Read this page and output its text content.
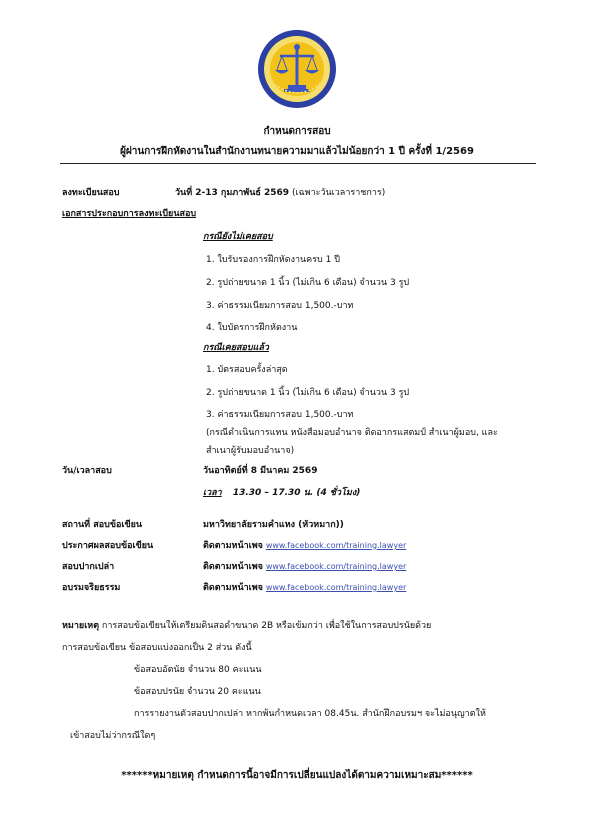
กำหนดการสอบ
ผู้ผ่านการฝึกหัดงานในสำนักงานทนายความมาแล้วไม่น้อยกว่า 1 ปี ครั้งที่ 1/2569
ลงทะเบียนสอบ	วันที่ 2-13 กุมภาพันธ์ 2569 (เฉพาะวันเวลาราชการ)
เอกสารประกอบการลงทะเบียนสอบ
กรณียังไม่เคยสอบ
1. ใบรับรองการฝึกหัดงานครบ 1 ปี
2. รูปถ่ายขนาด 1 นิ้ว (ไม่เกิน 6 เดือน) จำนวน 3 รูป
3. ค่าธรรมเนียมการสอบ 1,500.-บาท
4. ใบบัตรการฝึกหัดงาน
กรณีเคยสอบแล้ว
1. บัตรสอบครั้งล่าสุด
2. รูปถ่ายขนาด 1 นิ้ว (ไม่เกิน 6 เดือน) จำนวน 3 รูป
3. ค่าธรรมเนียมการสอบ 1,500.-บาท
(กรณีดำเนินการแทน หนังสือมอบอำนาจ ติดอากรแสตมป์ สำเนาผู้มอบ, และ
สำเนาผู้รับมอบอำนาจ)
วัน/เวลาสอบ	วันอาทิตย์ที่ 8 มีนาคม 2569
เวลา 13.30 – 17.30 น. (4 ชั่วโมง)
สถานที่ สอบข้อเขียน	มหาวิทยาลัยรามคำแหง (หัวหมาก))
ประกาศผลสอบข้อเขียน	ติดตามหน้าเพจ www.facebook.com/training.lawyer
สอบปากเปล่า	ติดตามหน้าเพจ www.facebook.com/training.lawyer
อบรมจริยธรรม	ติดตามหน้าเพจ www.facebook.com/training.lawyer
หมายเหตุ การสอบข้อเขียนให้เตรียมดินสอดำขนาด 2B หรือเข้มกว่า เพื่อใช้ในการสอบปรนัยด้วย
การสอบข้อเขียน ข้อสอบแบ่งออกเป็น 2 ส่วน ดังนี้
ข้อสอบอัตนัย จำนวน 80 คะแนน
ข้อสอบปรนัย จำนวน 20 คะแนน
การรายงานตัวสอบปากเปล่า หากพ้นกำหนดเวลา 08.45น. สำนักฝึกอบรมฯ จะไม่อนุญาตให้
เข้าสอบไม่ว่ากรณีใดๆ
******หมายเหตุ กำหนดการนี้อาจมีการเปลี่ยนแปลงได้ตามความเหมาะสม******
